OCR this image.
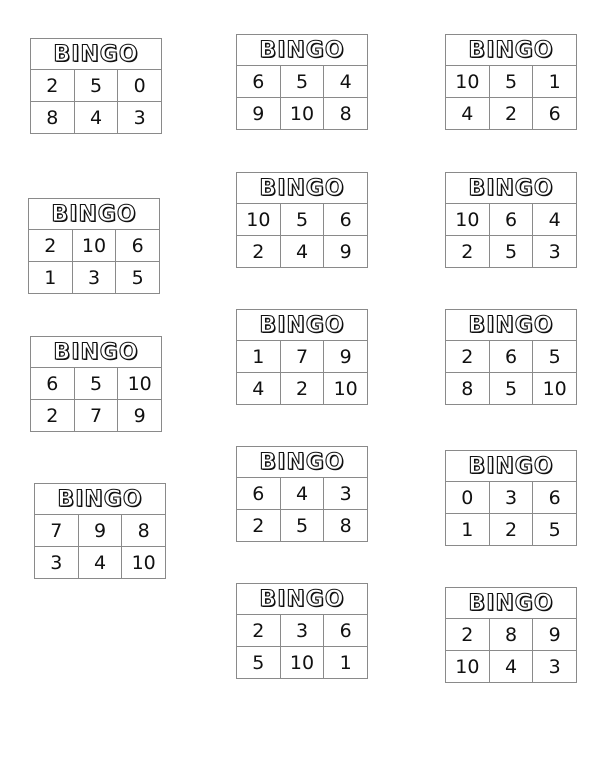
BINGO
2	5	0
8	4	3
BINGO
6	5	4
9	10	8
BINGO
10	5	1
4	2	6
BINGO
10	5	6
2	4	9
BINGO
10	6	4
2	5	3
BINGO
2	10	6
1	3	5
BINGO
1	7	9
4	2	10
BINGO
2	6	5
8	5	10
BINGO
6	5	10
2	7	9
BINGO
6	4	3
2	5	8
BINGO
0	3	6
1	2	5
BINGO
7	9	8
3	4	10
BINGO
2	3	6
5	10	1
BINGO
2	8	9
10	4	3
